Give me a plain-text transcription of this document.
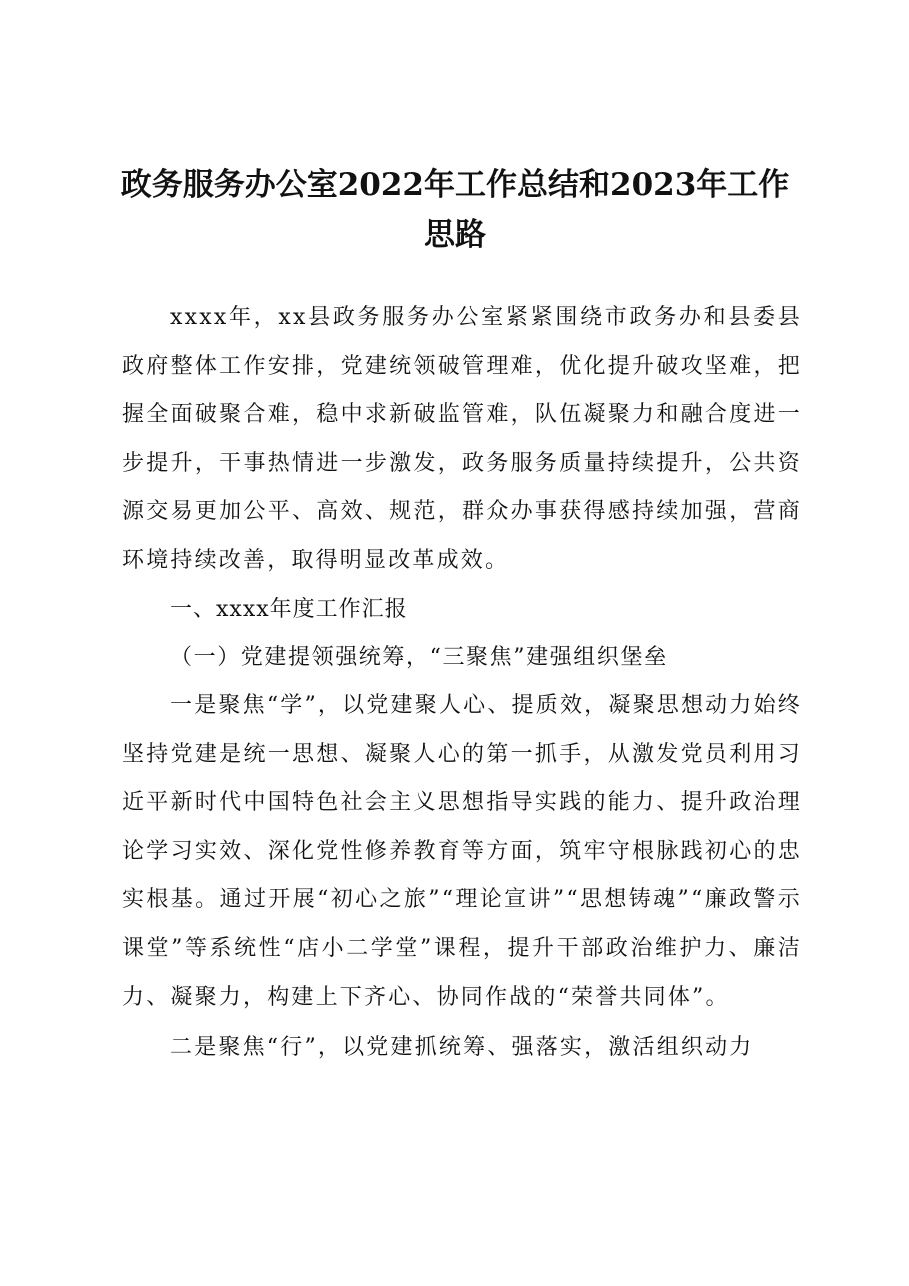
政务服务办公室2022年工作总结和2023年工作思路

xxxx年，xx县政务服务办公室紧紧围绕市政务办和县委县政府整体工作安排，党建统领破管理难，优化提升破攻坚难，把握全面破聚合难，稳中求新破监管难，队伍凝聚力和融合度进一步提升，干事热情进一步激发，政务服务质量持续提升，公共资源交易更加公平、高效、规范，群众办事获得感持续加强，营商环境持续改善，取得明显改革成效。

一、xxxx年度工作汇报

（一）党建提领强统筹，“三聚焦”建强组织堡垒

一是聚焦“学”，以党建聚人心、提质效，凝聚思想动力始终坚持党建是统一思想、凝聚人心的第一抓手，从激发党员利用习近平新时代中国特色社会主义思想指导实践的能力、提升政治理论学习实效、深化党性修养教育等方面，筑牢守根脉践初心的忠实根基。通过开展“初心之旅”“理论宣讲”“思想铸魂”“廉政警示课堂”等系统性“店小二学堂”课程，提升干部政治维护力、廉洁力、凝聚力，构建上下齐心、协同作战的“荣誉共同体”。

二是聚焦“行”，以党建抓统筹、强落实，激活组织动力
